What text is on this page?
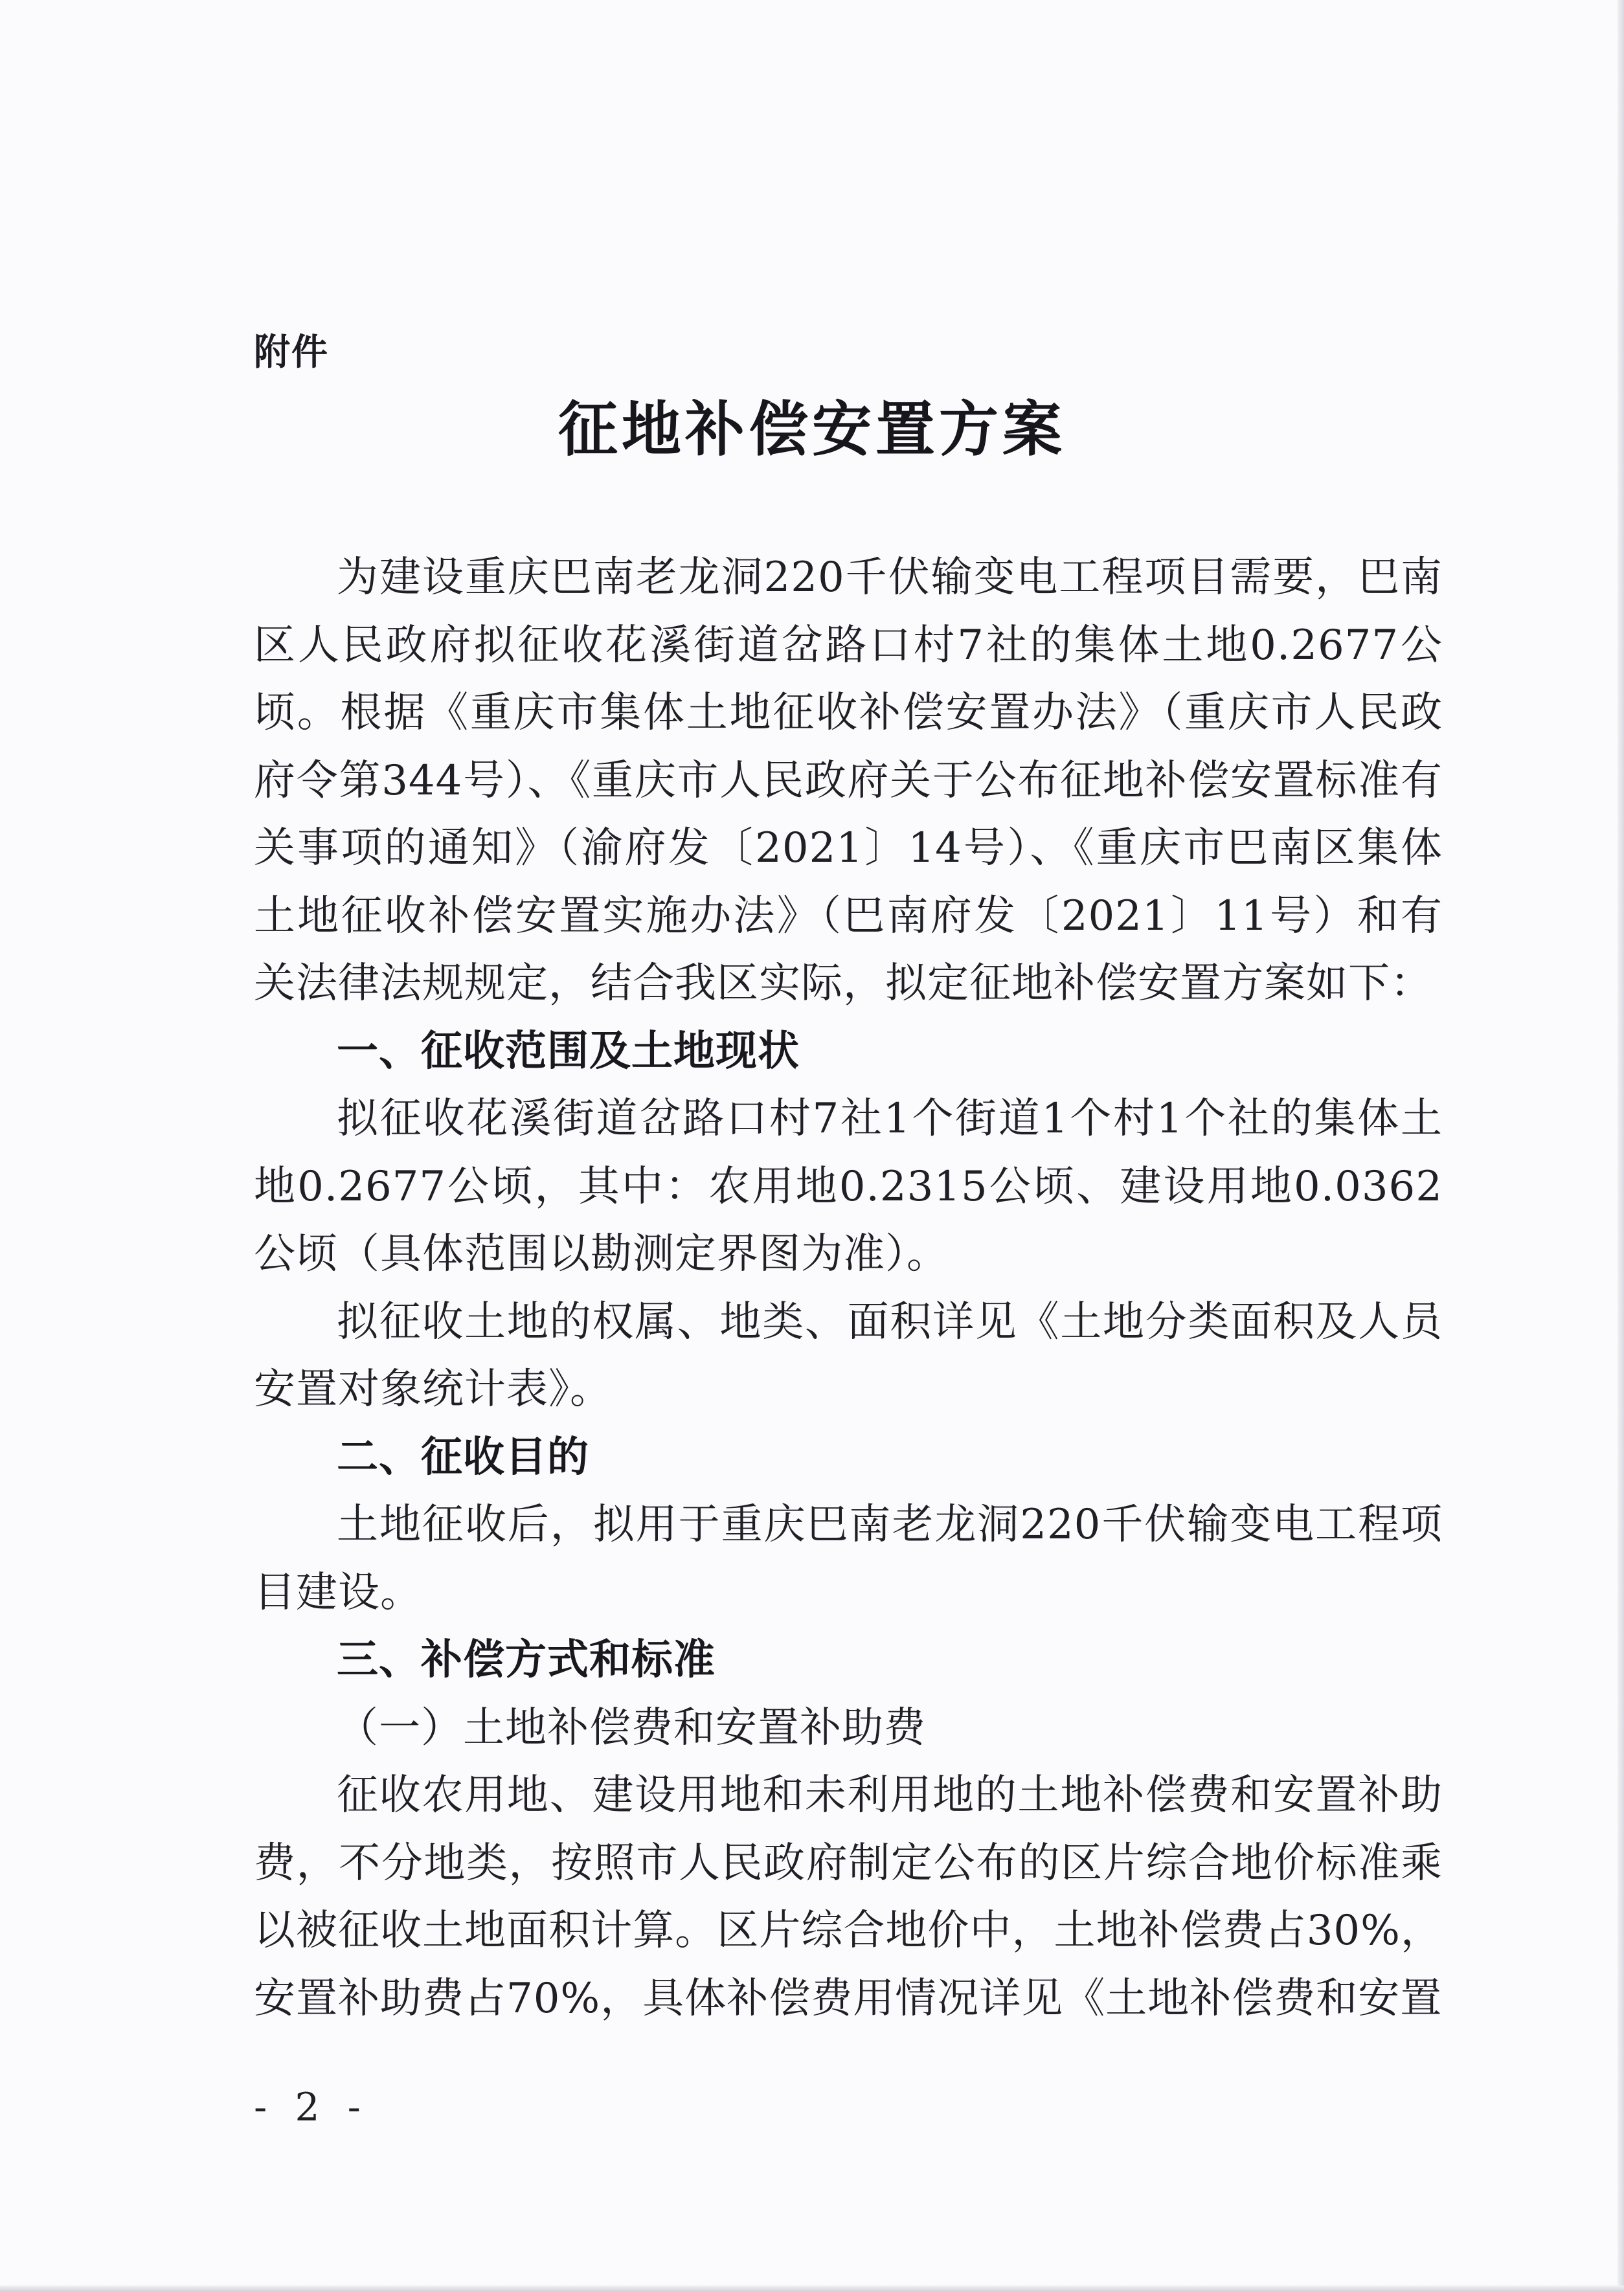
附件
征地补偿安置方案

为建设重庆巴南老龙洞220千伏输变电工程项目需要，巴南区人民政府拟征收花溪街道岔路口村7社的集体土地0.2677公顷。根据《重庆市集体土地征收补偿安置办法》（重庆市人民政府令第344号）、《重庆市人民政府关于公布征地补偿安置标准有关事项的通知》（渝府发〔2021〕14号）、《重庆市巴南区集体土地征收补偿安置实施办法》（巴南府发〔2021〕11号）和有关法律法规规定，结合我区实际，拟定征地补偿安置方案如下：

一、征收范围及土地现状

拟征收花溪街道岔路口村7社1个街道1个村1个社的集体土地0.2677公顷，其中：农用地0.2315公顷、建设用地0.0362公顷（具体范围以勘测定界图为准）。

拟征收土地的权属、地类、面积详见《土地分类面积及人员安置对象统计表》。

二、征收目的

土地征收后，拟用于重庆巴南老龙洞220千伏输变电工程项目建设。

三、补偿方式和标准

（一）土地补偿费和安置补助费

征收农用地、建设用地和未利用地的土地补偿费和安置补助费，不分地类，按照市人民政府制定公布的区片综合地价标准乘以被征收土地面积计算。区片综合地价中，土地补偿费占30%，安置补助费占70%，具体补偿费用情况详见《土地补偿费和安置

- 2 -
